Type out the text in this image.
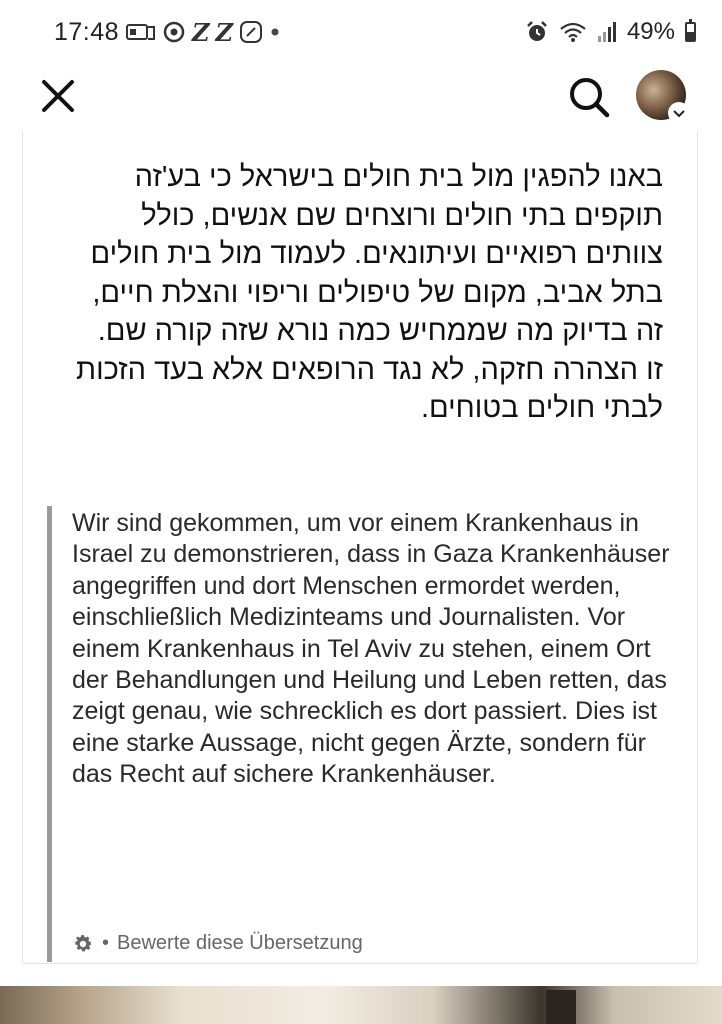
17:48	Z Z	49%
באנו להפגין מול בית חולים בישראל כי בע'זה תוקפים בתי חולים ורוצחים שם אנשים, כולל צוותים רפואיים ועיתונאים. לעמוד מול בית חולים בתל אביב, מקום של טיפולים וריפוי והצלת חיים, זה בדיוק מה שממחיש כמה נורא שזה קורה שם. זו הצהרה חזקה, לא נגד הרופאים אלא בעד הזכות לבתי חולים בטוחים.
Wir sind gekommen, um vor einem Krankenhaus in Israel zu demonstrieren, dass in Gaza Krankenhäuser angegriffen und dort Menschen ermordet werden, einschließlich Medizinteams und Journalisten. Vor einem Krankenhaus in Tel Aviv zu stehen, einem Ort der Behandlungen und Heilung und Leben retten, das zeigt genau, wie schrecklich es dort passiert. Dies ist eine starke Aussage, nicht gegen Ärzte, sondern für das Recht auf sichere Krankenhäuser.
• Bewerte diese Übersetzung
